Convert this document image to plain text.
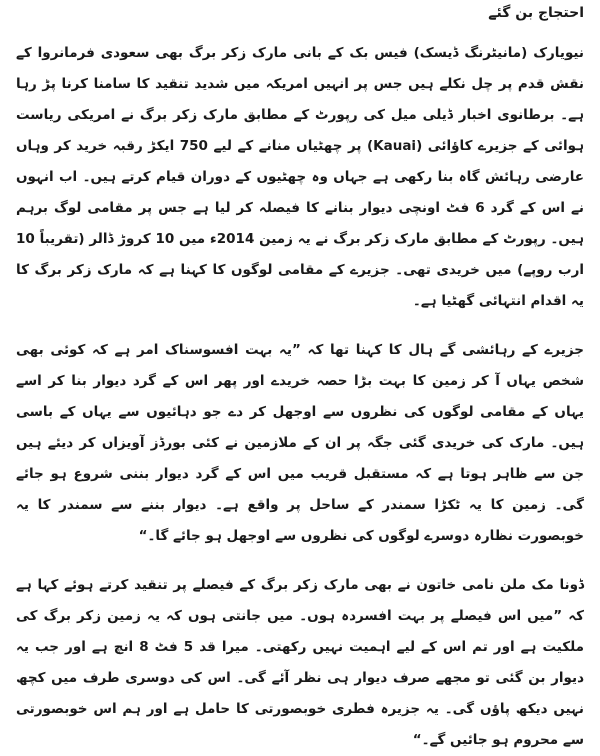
احتجاج بن گئے

نیویارک (مانیٹرنگ ڈیسک) فیس بک کے بانی مارک زکر برگ بھی سعودی فرمانروا کے نقش قدم پر چل نکلے ہیں جس پر انہیں امریکہ میں شدید تنقید کا سامنا کرنا پڑ رہا ہے۔ برطانوی اخبار ڈیلی میل کی رپورٹ کے مطابق مارک زکر برگ نے امریکی ریاست ہوائی کے جزیرے کاؤائی (Kauai) پر چھٹیاں منانے کے لیے 750 ایکڑ رقبہ خرید کر وہاں عارضی رہائش گاہ بنا رکھی ہے جہاں وہ چھٹیوں کے دوران قیام کرتے ہیں۔ اب انہوں نے اس کے گرد 6 فٹ اونچی دیوار بنانے کا فیصلہ کر لیا ہے جس پر مقامی لوگ برہم ہیں۔ رپورٹ کے مطابق مارک زکر برگ نے یہ زمین 2014ء میں 10 کروڑ ڈالر (تقریباً 10 ارب روپے) میں خریدی تھی۔ جزیرے کے مقامی لوگوں کا کہنا ہے کہ مارک زکر برگ کا یہ اقدام انتہائی گھٹیا ہے۔

جزیرے کے رہائشی گے ہال کا کہنا تھا کہ ”یہ بہت افسوسناک امر ہے کہ کوئی بھی شخص یہاں آ کر زمین کا بہت بڑا حصہ خریدے اور پھر اس کے گرد دیوار بنا کر اسے یہاں کے مقامی لوگوں کی نظروں سے اوجھل کر دے جو دہائیوں سے یہاں کے باسی ہیں۔ مارک کی خریدی گئی جگہ پر ان کے ملازمین نے کئی بورڈز آویزاں کر دیئے ہیں جن سے ظاہر ہوتا ہے کہ مستقبل قریب میں اس کے گرد دیوار بننی شروع ہو جائے گی۔ زمین کا یہ ٹکڑا سمندر کے ساحل پر واقع ہے۔ دیوار بننے سے سمندر کا یہ خوبصورت نظارہ دوسرے لوگوں کی نظروں سے اوجھل ہو جائے گا۔“

ڈونا مک ملن نامی خاتون نے بھی مارک زکر برگ کے فیصلے پر تنقید کرتے ہوئے کہا ہے کہ ”میں اس فیصلے پر بہت افسردہ ہوں۔ میں جانتی ہوں کہ یہ زمین زکر برگ کی ملکیت ہے اور تم اس کے لیے اہمیت نہیں رکھتی۔ میرا قد 5 فٹ 8 انچ ہے اور جب یہ دیوار بن گئی تو مجھے صرف دیوار ہی نظر آئے گی۔ اس کی دوسری طرف میں کچھ نہیں دیکھ پاؤں گی۔ یہ جزیرہ فطری خوبصورتی کا حامل ہے اور ہم اس خوبصورتی سے محروم ہو جائیں گے۔“
